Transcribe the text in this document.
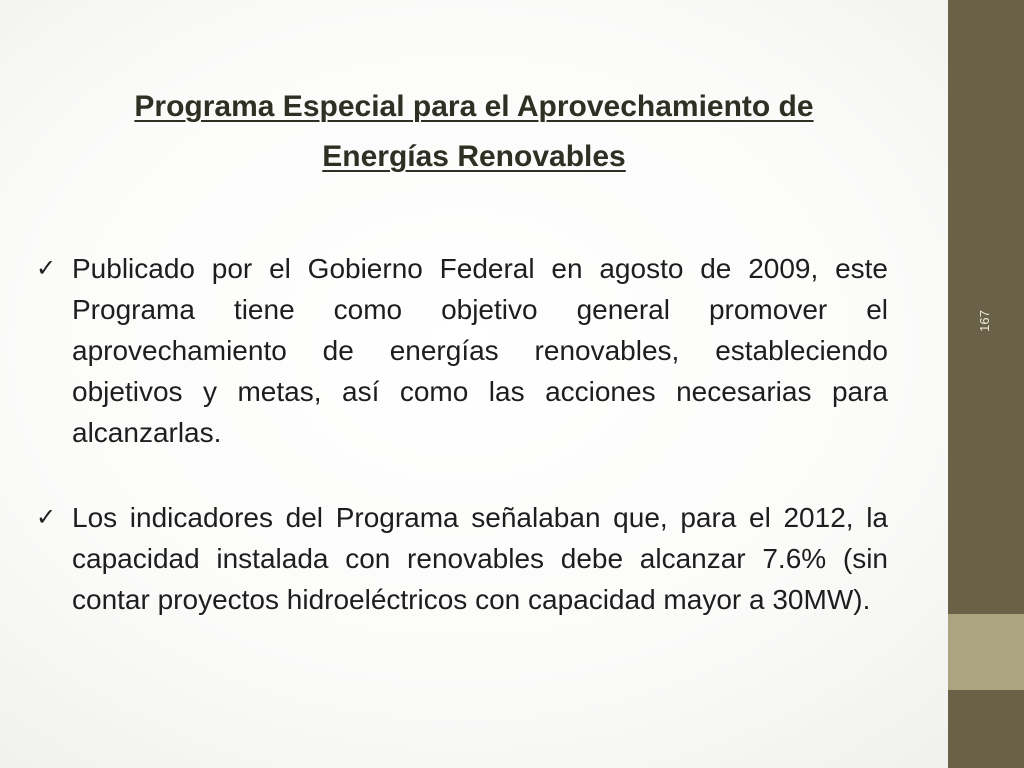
Programa Especial para el Aprovechamiento de
Energías Renovables
✓ Publicado por el Gobierno Federal en agosto de 2009, este Programa tiene como objetivo general promover el aprovechamiento de energías renovables, estableciendo objetivos y metas, así como las acciones necesarias para alcanzarlas.
✓ Los indicadores del Programa señalaban que, para el 2012, la capacidad instalada con renovables debe alcanzar 7.6% (sin contar proyectos hidroeléctricos con capacidad mayor a 30MW).
167
